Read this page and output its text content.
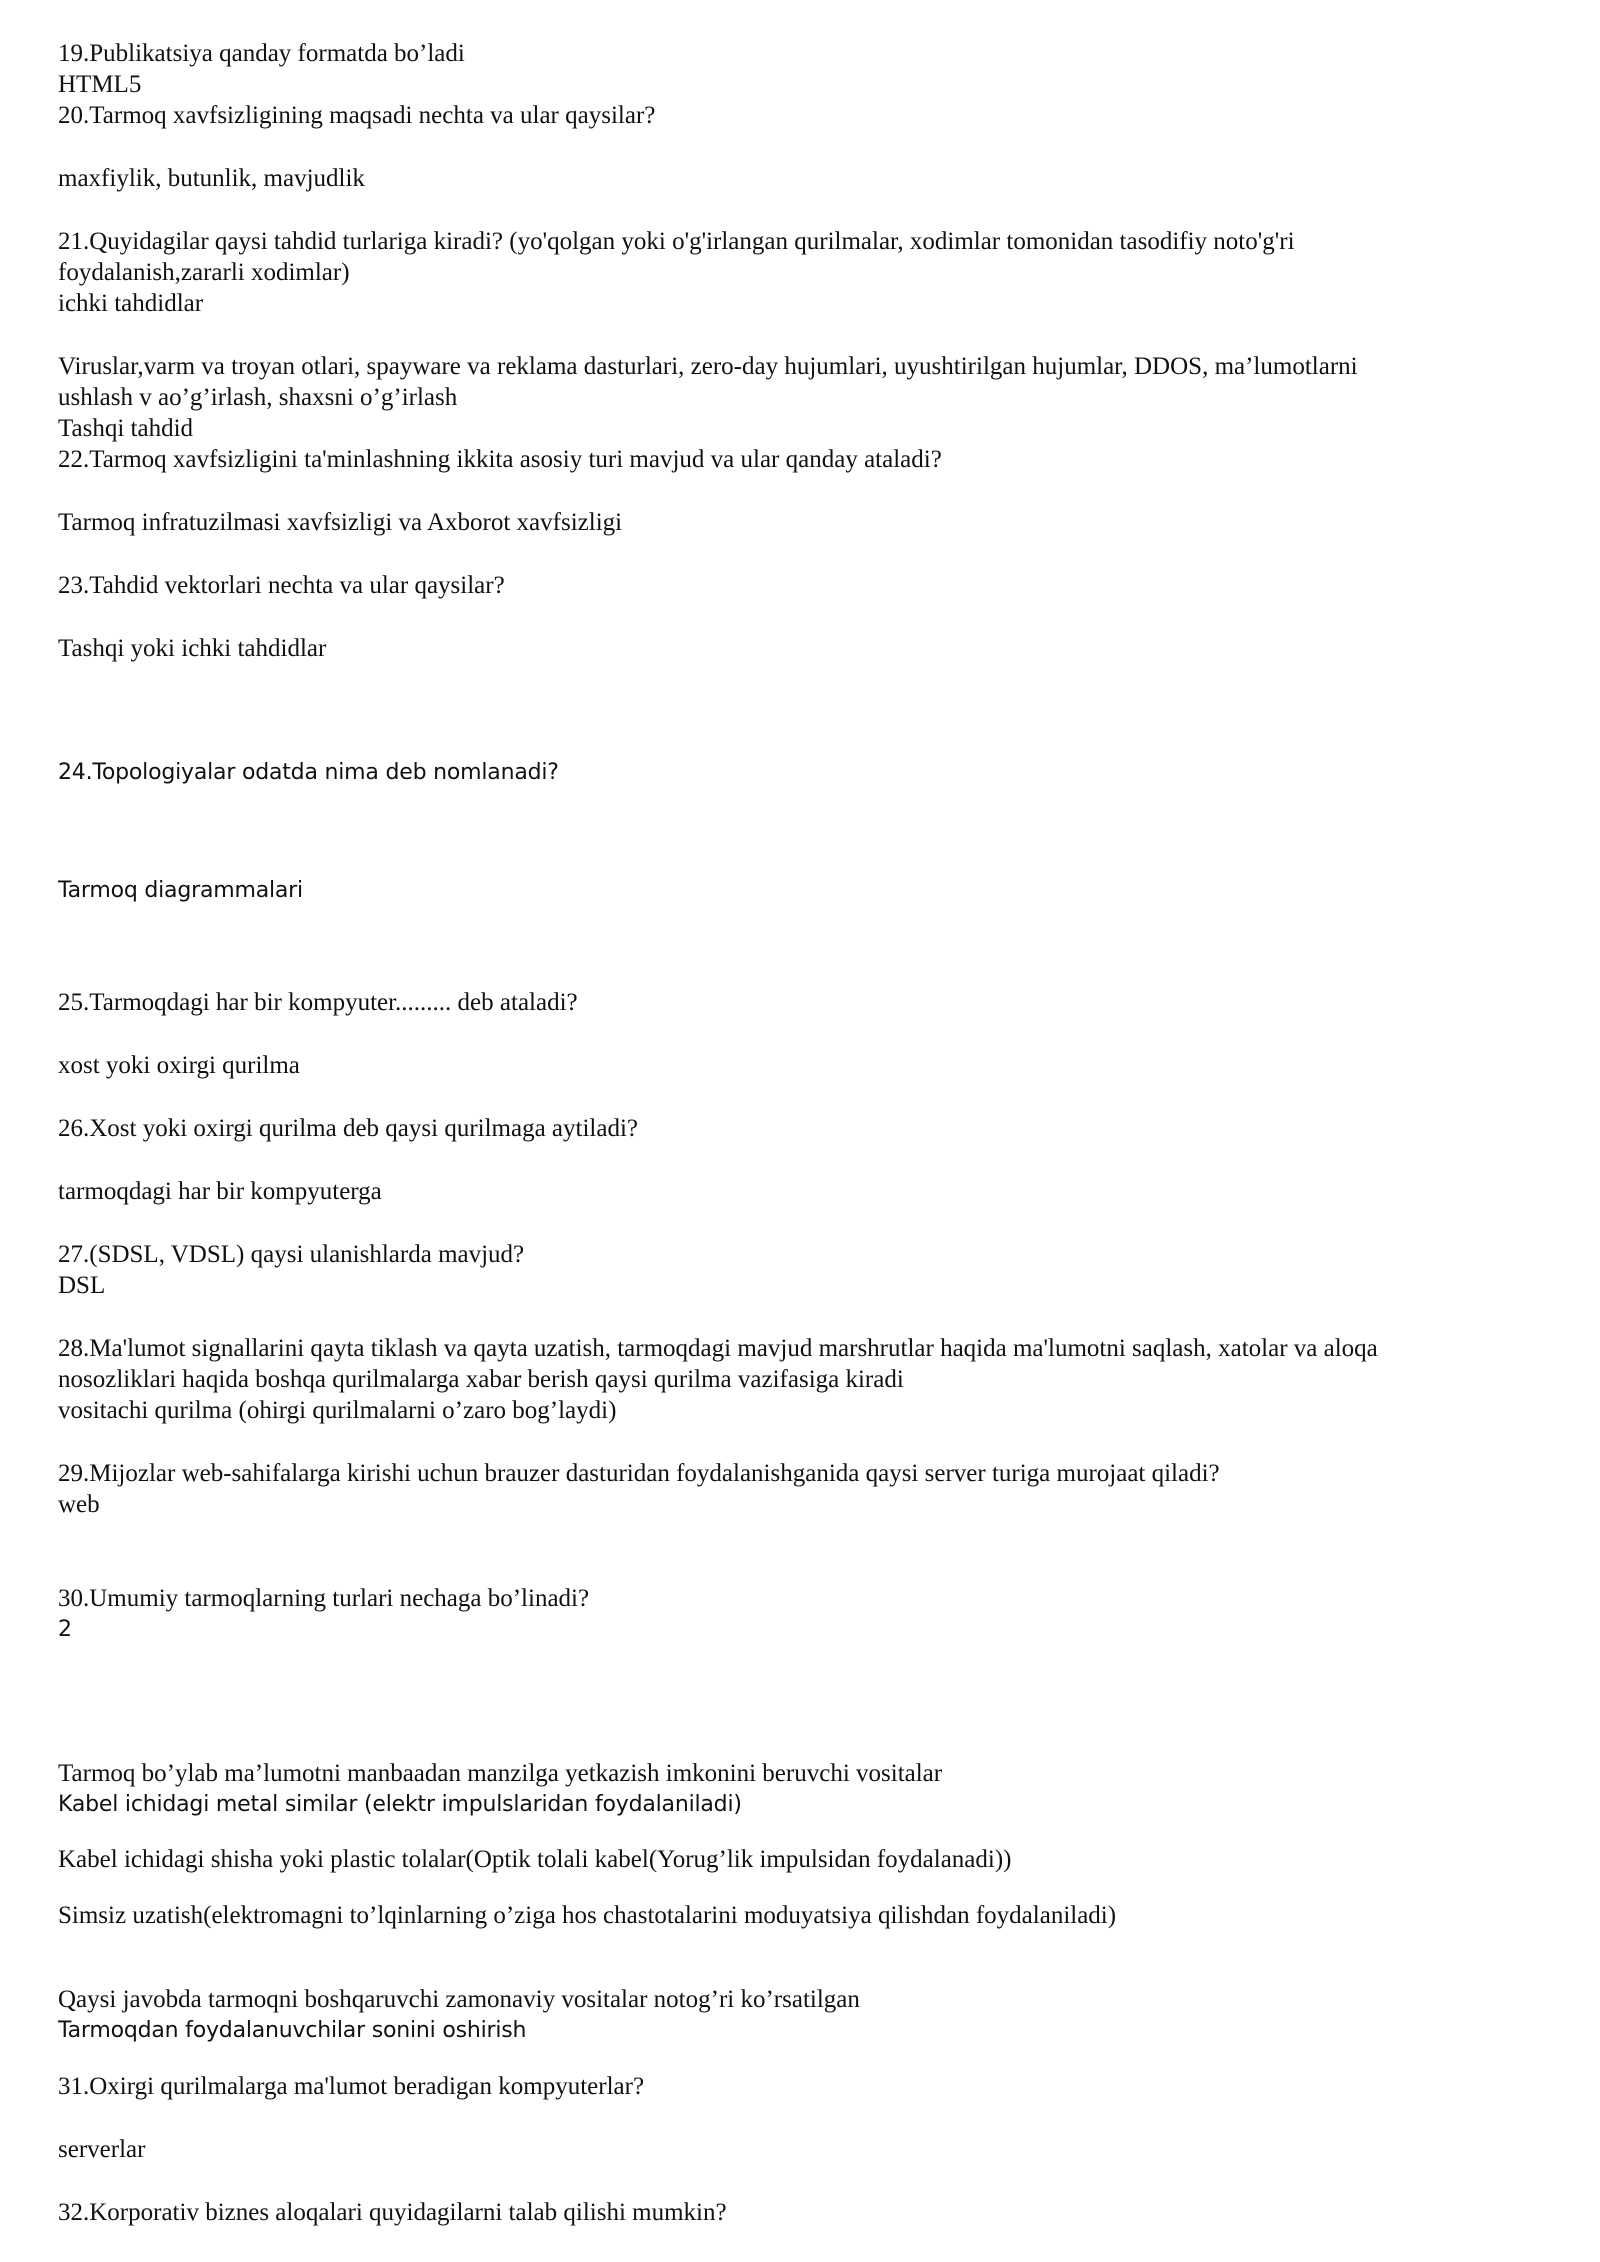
19.Publikatsiya qanday formatda bo’ladi

HTML5

20.Tarmoq xavfsizligining maqsadi nechta va ular qaysilar?

maxfiylik, butunlik, mavjudlik

21.Quyidagilar qaysi tahdid turlariga kiradi? (yo'qolgan yoki o'g'irlangan qurilmalar, xodimlar tomonidan tasodifiy noto'g'ri

foydalanish,zararli xodimlar)

ichki tahdidlar

Viruslar,varm va troyan otlari, spayware va reklama dasturlari, zero-day hujumlari, uyushtirilgan hujumlar, DDOS, ma’lumotlarni

ushlash v ao’g’irlash, shaxsni o’g’irlash

Tashqi tahdid

22.Tarmoq xavfsizligini ta'minlashning ikkita asosiy turi mavjud va ular qanday ataladi?

Tarmoq infratuzilmasi xavfsizligi va Axborot xavfsizligi

23.Tahdid vektorlari nechta va ular qaysilar?

Tashqi yoki ichki tahdidlar

24.Topologiyalar odatda nima deb nomlanadi?

Tarmoq diagrammalari

25.Tarmoqdagi har bir kompyuter......... deb ataladi?

xost yoki oxirgi qurilma

26.Xost yoki oxirgi qurilma deb qaysi qurilmaga aytiladi?

tarmoqdagi har bir kompyuterga

27.(SDSL, VDSL) qaysi ulanishlarda mavjud?

DSL

28.Ma'lumot signallarini qayta tiklash va qayta uzatish, tarmoqdagi mavjud marshrutlar haqida ma'lumotni saqlash, xatolar va aloqa

nosozliklari haqida boshqa qurilmalarga xabar berish qaysi qurilma vazifasiga kiradi

vositachi qurilma (ohirgi qurilmalarni o’zaro bog’laydi)

29.Mijozlar web-sahifalarga kirishi uchun brauzer dasturidan foydalanishganida qaysi server turiga murojaat qiladi?

web

30.Umumiy tarmoqlarning turlari nechaga bo’linadi?

2

Tarmoq bo’ylab ma’lumotni manbaadan manzilga yetkazish imkonini beruvchi vositalar

Kabel ichidagi metal similar (elektr impulslaridan foydalaniladi)

Kabel ichidagi shisha yoki plastic tolalar(Optik tolali kabel(Yorug’lik impulsidan foydalanadi))

Simsiz uzatish(elektromagni to’lqinlarning o’ziga hos chastotalarini moduyatsiya qilishdan foydalaniladi)

Qaysi javobda tarmoqni boshqaruvchi zamonaviy vositalar notog’ri ko’rsatilgan

Tarmoqdan foydalanuvchilar sonini oshirish

31.Oxirgi qurilmalarga ma'lumot beradigan kompyuterlar?

serverlar

32.Korporativ biznes aloqalari quyidagilarni talab qilishi mumkin?
